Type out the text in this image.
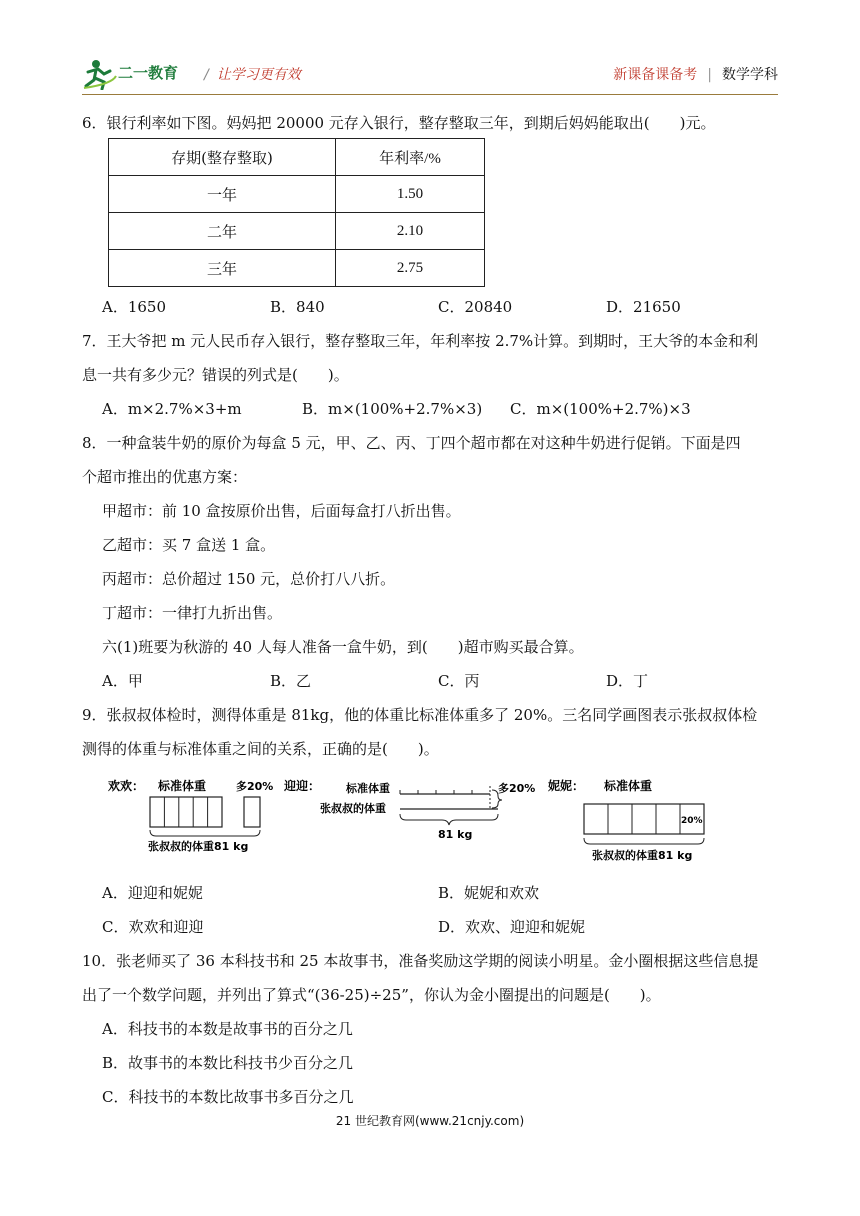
二一教育 / 让学习更有效	新课备课备考 | 数学学科
6．银行利率如下图。妈妈把 20000 元存入银行，整存整取三年，到期后妈妈能取出(　　)元。
存期(整存整取)	年利率/%
一年	1.50
二年	2.10
三年	2.75
A．1650	B．840	C．20840	D．21650
7．王大爷把 m 元人民币存入银行，整存整取三年，年利率按 2.7%计算。到期时，王大爷的本金和利
息一共有多少元？错误的列式是(　　)。
A．m×2.7%×3+m	B．m×(100%+2.7%×3) C．m×(100%+2.7%)×3
8．一种盒装牛奶的原价为每盒 5 元，甲、乙、丙、丁四个超市都在对这种牛奶进行促销。下面是四
个超市推出的优惠方案：
甲超市：前 10 盒按原价出售，后面每盒打八折出售。
乙超市：买 7 盒送 1 盒。
丙超市：总价超过 150 元，总价打八八折。
丁超市：一律打九折出售。
六(1)班要为秋游的 40 人每人准备一盒牛奶，到(　　)超市购买最合算。
A．甲	B．乙	C．丙	D．丁
9．张叔叔体检时，测得体重是 81kg，他的体重比标准体重多了 20%。三名同学画图表示张叔叔体检
测得的体重与标准体重之间的关系，正确的是(　　)。
欢欢： 标准体重	多20%
张叔叔的体重81 kg
迎迎： 标准体重	多20%
张叔叔的体重
81 kg
妮妮： 标准体重
20%
张叔叔的体重81 kg
A．迎迎和妮妮	B．妮妮和欢欢
C．欢欢和迎迎	D．欢欢、迎迎和妮妮
10．张老师买了 36 本科技书和 25 本故事书，准备奖励这学期的阅读小明星。金小圈根据这些信息提
出了一个数学问题，并列出了算式“(36-25)÷25”，你认为金小圈提出的问题是(　　)。
A．科技书的本数是故事书的百分之几
B．故事书的本数比科技书少百分之几
C．科技书的本数比故事书多百分之几
21 世纪教育网(www.21cnjy.com)
